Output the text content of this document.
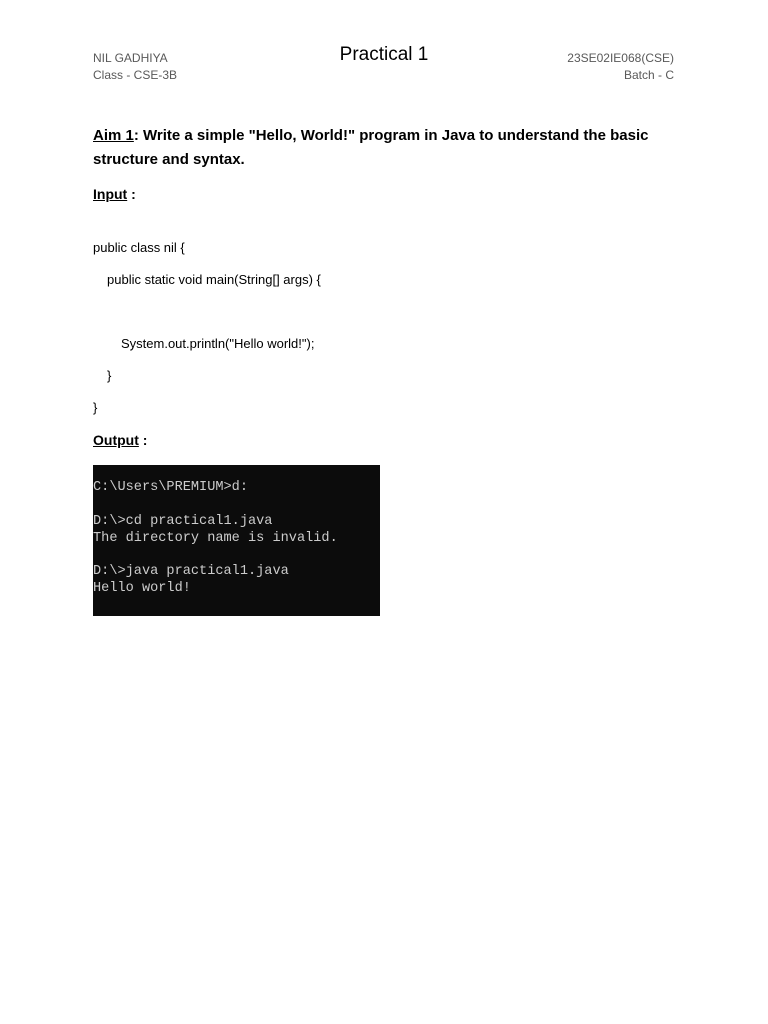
NIL GADHIYA
Class - CSE-3B
Practical 1	23SE02IE068(CSE)
Batch - C
Aim 1: Write a simple "Hello, World!" program in Java to understand the basic structure and syntax.
Input :
public class nil {
public static void main(String[] args) {
System.out.println("Hello world!");
}
}
Output :
C:\Users\PREMIUM>d:
D:\>cd practical1.java
The directory name is invalid.
D:\>java practical1.java
Hello world!
